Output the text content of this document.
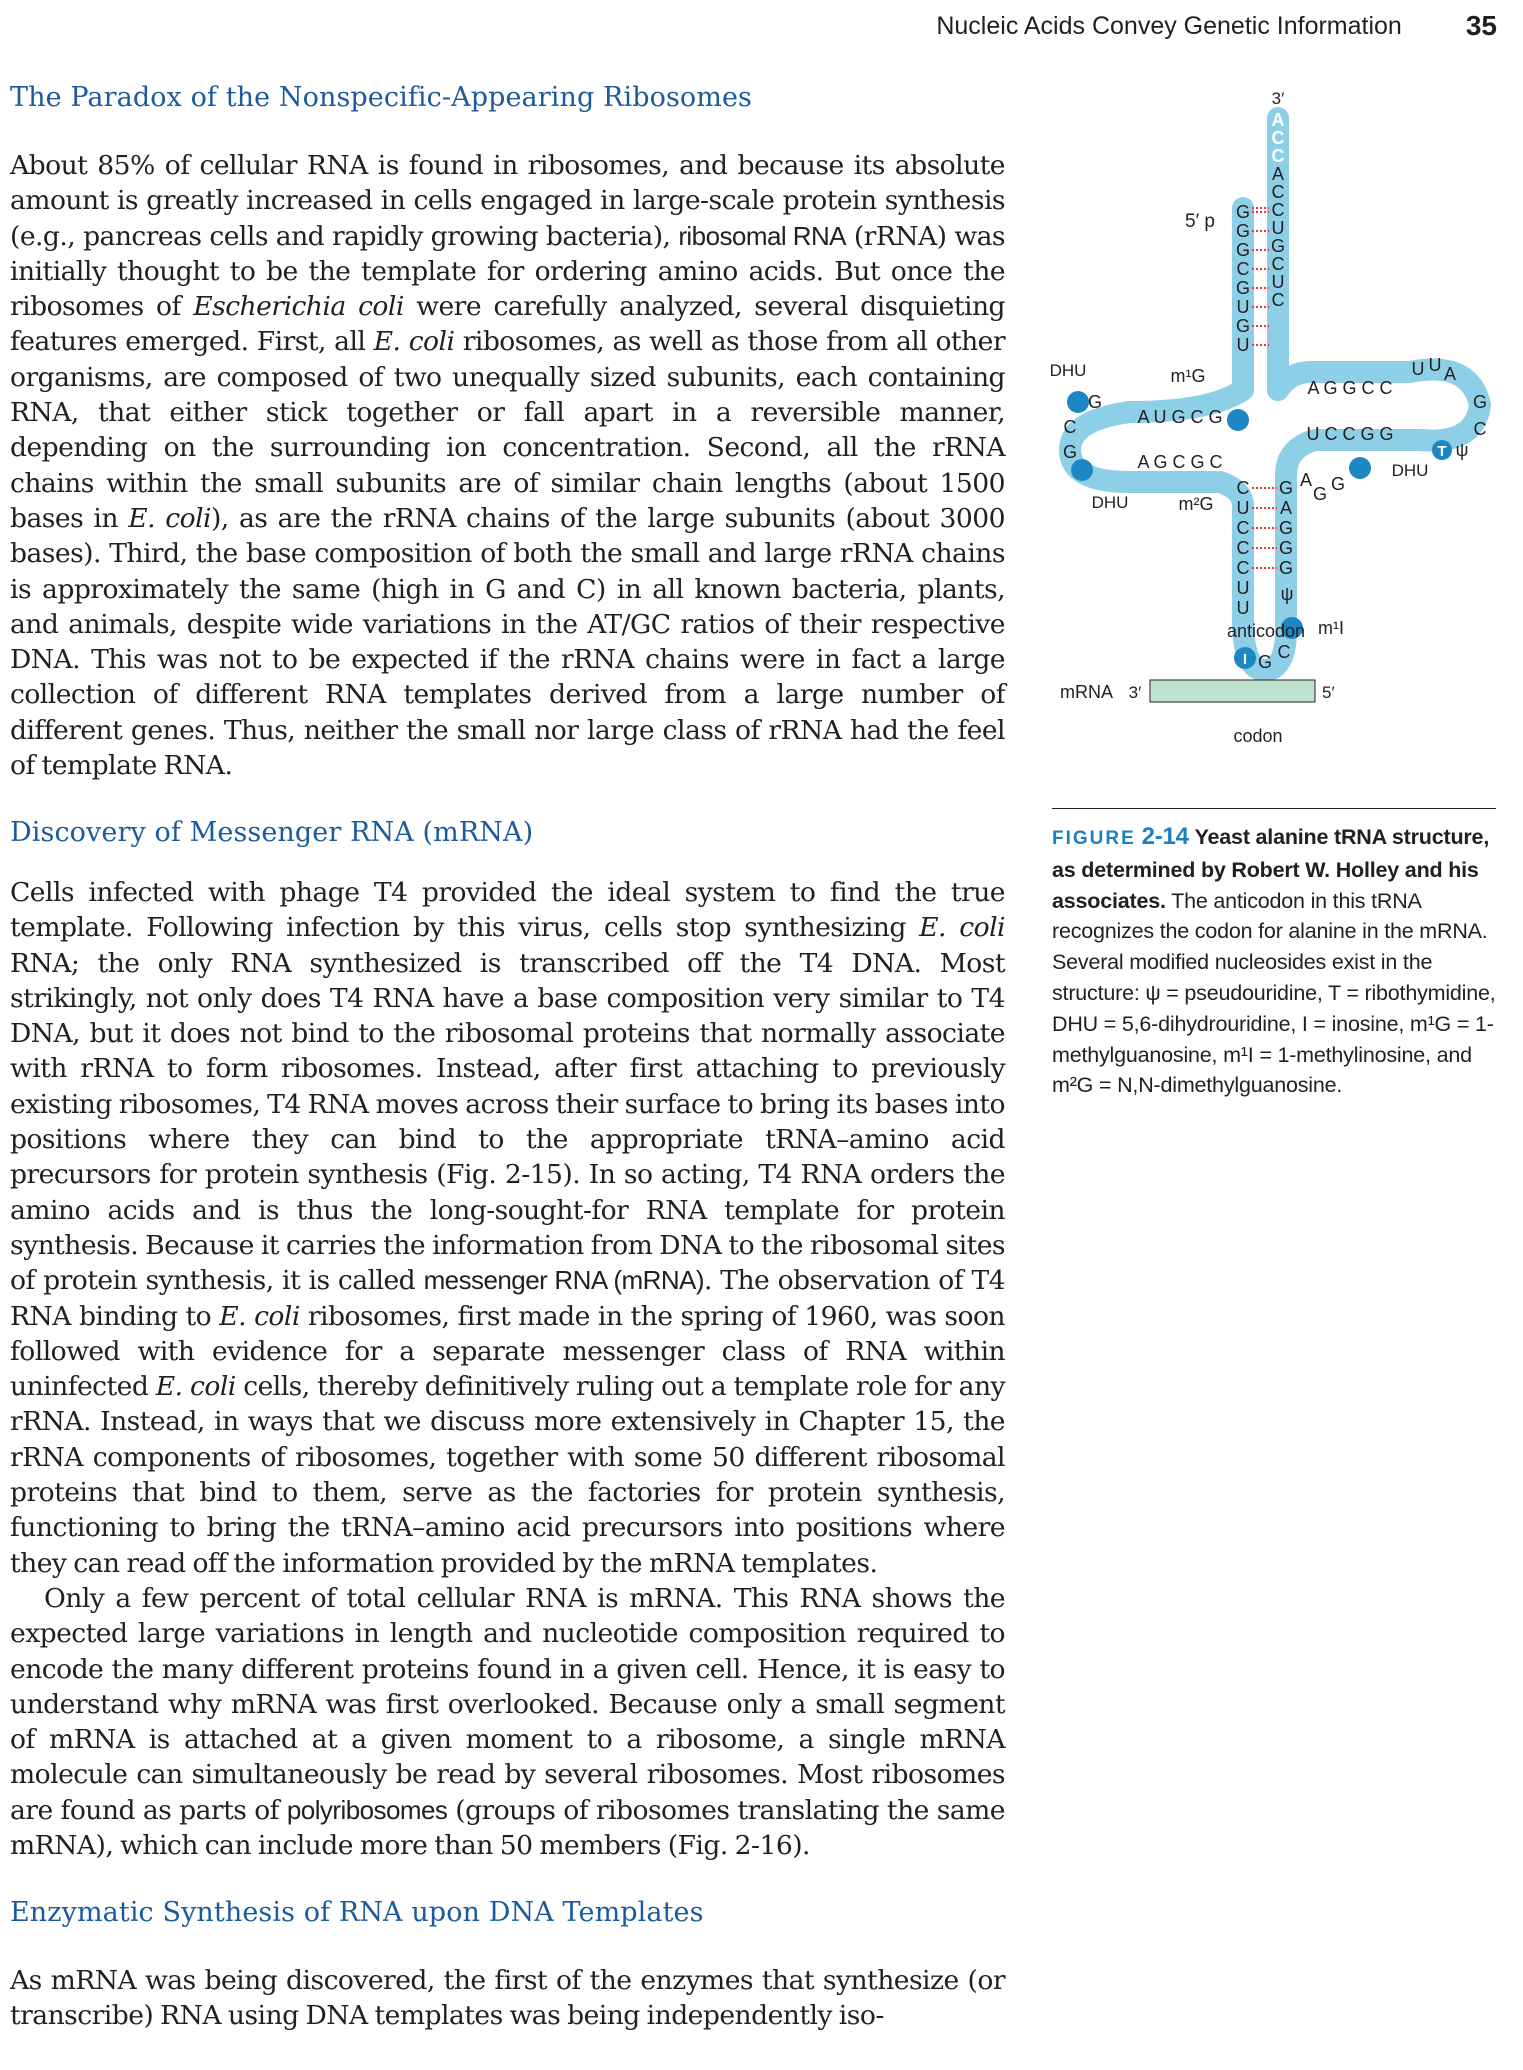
Nucleic Acids Convey Genetic Information 35
The Paradox of the Nonspecific-Appearing Ribosomes

About 85% of cellular RNA is found in ribosomes, and because its absolute amount is greatly increased in cells engaged in large-scale protein synthesis (e.g., pancreas cells and rapidly growing bacteria), ribosomal RNA (rRNA) was initially thought to be the template for ordering amino acids. But once the ribosomes of Escherichia coli were carefully analyzed, several disquieting features emerged. First, all E. coli ribosomes, as well as those from all other organisms, are composed of two unequally sized subunits, each containing RNA, that either stick together or fall apart in a reversible manner, depending on the surrounding ion concentration. Second, all the rRNA chains within the small subunits are of similar chain lengths (about 1500 bases in E. coli), as are the rRNA chains of the large subunits (about 3000 bases). Third, the base composition of both the small and large rRNA chains is approximately the same (high in G and C) in all known bacteria, plants, and animals, despite wide variations in the AT/GC ratios of their respective DNA. This was not to be expected if the rRNA chains were in fact a large collection of different RNA templates derived from a large number of different genes. Thus, neither the small nor large class of rRNA had the feel of template RNA.

Discovery of Messenger RNA (mRNA)

Cells infected with phage T4 provided the ideal system to find the true template. Following infection by this virus, cells stop synthesizing E. coli RNA; the only RNA synthesized is transcribed off the T4 DNA. Most strikingly, not only does T4 RNA have a base composition very similar to T4 DNA, but it does not bind to the ribosomal proteins that normally associate with rRNA to form ribosomes. Instead, after first attaching to previously existing ribosomes, T4 RNA moves across their surface to bring its bases into positions where they can bind to the appropriate tRNA–amino acid precursors for protein synthesis (Fig. 2-15). In so acting, T4 RNA orders the amino acids and is thus the long-sought-for RNA template for protein synthesis. Because it carries the information from DNA to the ribosomal sites of protein synthesis, it is called messenger RNA (mRNA). The observation of T4 RNA binding to E. coli ribosomes, first made in the spring of 1960, was soon followed with evidence for a separate messenger class of RNA within uninfected E. coli cells, thereby definitively ruling out a template role for any rRNA. Instead, in ways that we discuss more extensively in Chapter 15, the rRNA components of ribosomes, together with some 50 different ribosomal proteins that bind to them, serve as the factories for protein synthesis, functioning to bring the tRNA–amino acid precursors into positions where they can read off the information provided by the mRNA templates.

Only a few percent of total cellular RNA is mRNA. This RNA shows the expected large variations in length and nucleotide composition required to encode the many different proteins found in a given cell. Hence, it is easy to understand why mRNA was first overlooked. Because only a small segment of mRNA is attached at a given moment to a ribosome, a single mRNA molecule can simultaneously be read by several ribosomes. Most ribosomes are found as parts of polyribosomes (groups of ribosomes translating the same mRNA), which can include more than 50 members (Fig. 2-16).

Enzymatic Synthesis of RNA upon DNA Templates

As mRNA was being discovered, the first of the enzymes that synthesize (or transcribe) RNA using DNA templates was being independently iso-

3′
A
C
C
A
C
C
U
G
C
U
C
5′ p G
G
G
C
G
U
G
U
DHU	m¹G
A U G C G
G
C
G	A G C G C
DHU	m²G
A G G C C
U U A
G
C
U C C G G
T ψ
DHU
C
U
C
C
C
U
U
G
A
G
G
G
A
G G
ψ
I G C
m¹I
anticodon
mRNA 3′	5′
codon
FIGURE 2-14 Yeast alanine tRNA structure, as determined by Robert W. Holley and his associates. The anticodon in this tRNA recognizes the codon for alanine in the mRNA. Several modified nucleosides exist in the structure: ψ = pseudouridine, T = ribothymidine, DHU = 5,6-dihydrouridine, I = inosine, m¹G = 1-methylguanosine, m¹I = 1-methylinosine, and m²G = N,N-dimethylguanosine.
